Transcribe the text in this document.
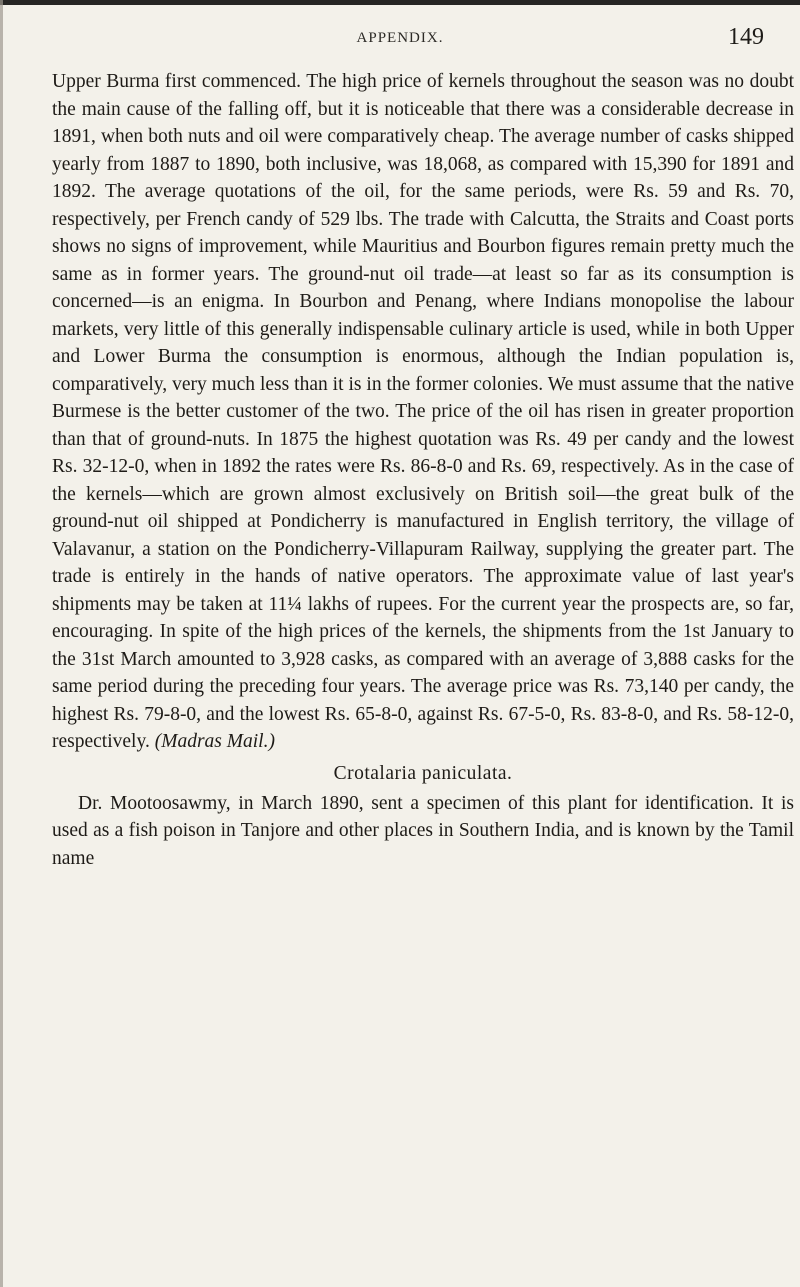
APPENDIX.	149

Upper Burma first commenced. The high price of kernels throughout the season was no doubt the main cause of the falling off, but it is noticeable that there was a considerable decrease in 1891, when both nuts and oil were comparatively cheap. The average number of casks shipped yearly from 1887 to 1890, both inclusive, was 18,068, as compared with 15,390 for 1891 and 1892. The average quotations of the oil, for the same periods, were Rs. 59 and Rs. 70, respectively, per French candy of 529 lbs. The trade with Calcutta, the Straits and Coast ports shows no signs of improvement, while Mauritius and Bourbon figures remain pretty much the same as in former years. The ground-nut oil trade—at least so far as its consumption is concerned—is an enigma. In Bourbon and Penang, where Indians monopolise the labour markets, very little of this generally indispensable culinary article is used, while in both Upper and Lower Burma the consumption is enormous, although the Indian population is, comparatively, very much less than it is in the former colonies. We must assume that the native Burmese is the better customer of the two. The price of the oil has risen in greater proportion than that of ground-nuts. In 1875 the highest quotation was Rs. 49 per candy and the lowest Rs. 32-12-0, when in 1892 the rates were Rs. 86-8-0 and Rs. 69, respectively. As in the case of the kernels—which are grown almost exclusively on British soil—the great bulk of the ground-nut oil shipped at Pondicherry is manufactured in English territory, the village of Valavanur, a station on the Pondicherry-Villapuram Railway, supplying the greater part. The trade is entirely in the hands of native operators. The approximate value of last year's shipments may be taken at 11¼ lakhs of rupees. For the current year the prospects are, so far, encouraging. In spite of the high prices of the kernels, the shipments from the 1st January to the 31st March amounted to 3,928 casks, as compared with an average of 3,888 casks for the same period during the preceding four years. The average price was Rs. 73,140 per candy, the highest Rs. 79-8-0, and the lowest Rs. 65-8-0, against Rs. 67-5-0, Rs. 83-8-0, and Rs. 58-12-0, respectively. (Madras Mail.)

Crotalaria paniculata.

Dr. Mootoosawmy, in March 1890, sent a specimen of this plant for identification. It is used as a fish poison in Tanjore and other places in Southern India, and is known by the Tamil name
